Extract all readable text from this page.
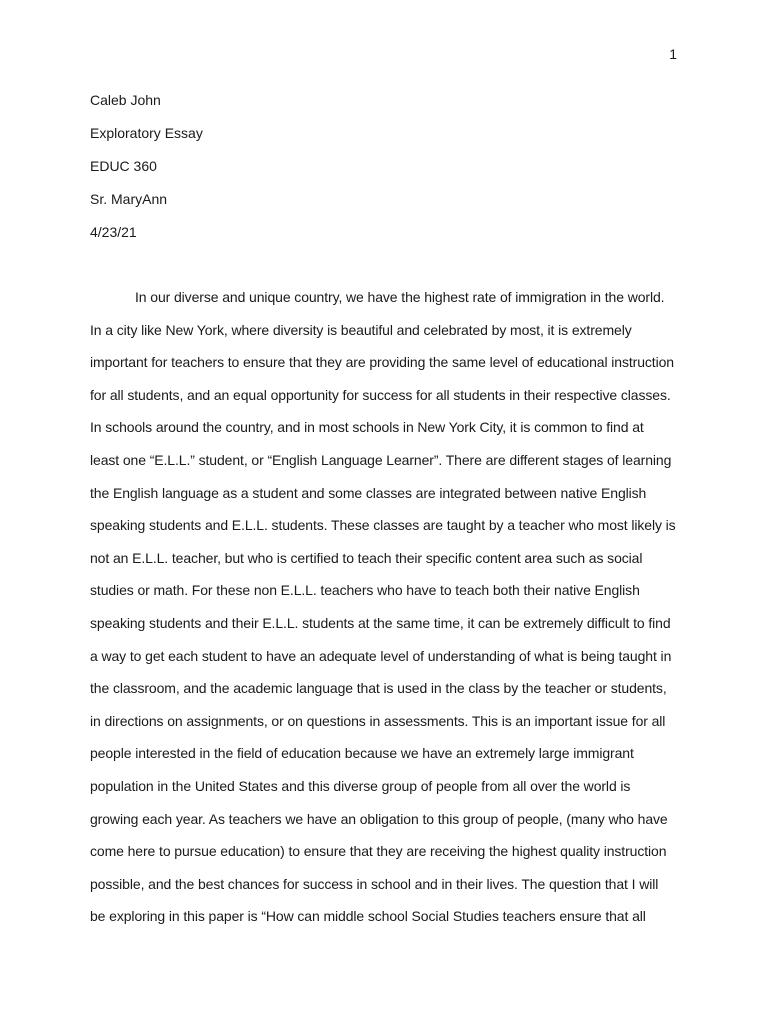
1
Caleb John
Exploratory Essay
EDUC 360
Sr. MaryAnn
4/23/21
In our diverse and unique country, we have the highest rate of immigration in the world.
In a city like New York, where diversity is beautiful and celebrated by most, it is extremely
important for teachers to ensure that they are providing the same level of educational instruction
for all students, and an equal opportunity for success for all students in their respective classes.
In schools around the country, and in most schools in New York City, it is common to find at
least one “E.L.L.” student, or “English Language Learner”. There are different stages of learning
the English language as a student and some classes are integrated between native English
speaking students and E.L.L. students. These classes are taught by a teacher who most likely is
not an E.L.L. teacher, but who is certified to teach their specific content area such as social
studies or math. For these non E.L.L. teachers who have to teach both their native English
speaking students and their E.L.L. students at the same time, it can be extremely difficult to find
a way to get each student to have an adequate level of understanding of what is being taught in
the classroom, and the academic language that is used in the class by the teacher or students,
in directions on assignments, or on questions in assessments. This is an important issue for all
people interested in the field of education because we have an extremely large immigrant
population in the United States and this diverse group of people from all over the world is
growing each year. As teachers we have an obligation to this group of people, (many who have
come here to pursue education) to ensure that they are receiving the highest quality instruction
possible, and the best chances for success in school and in their lives. The question that I will
be exploring in this paper is “How can middle school Social Studies teachers ensure that all
